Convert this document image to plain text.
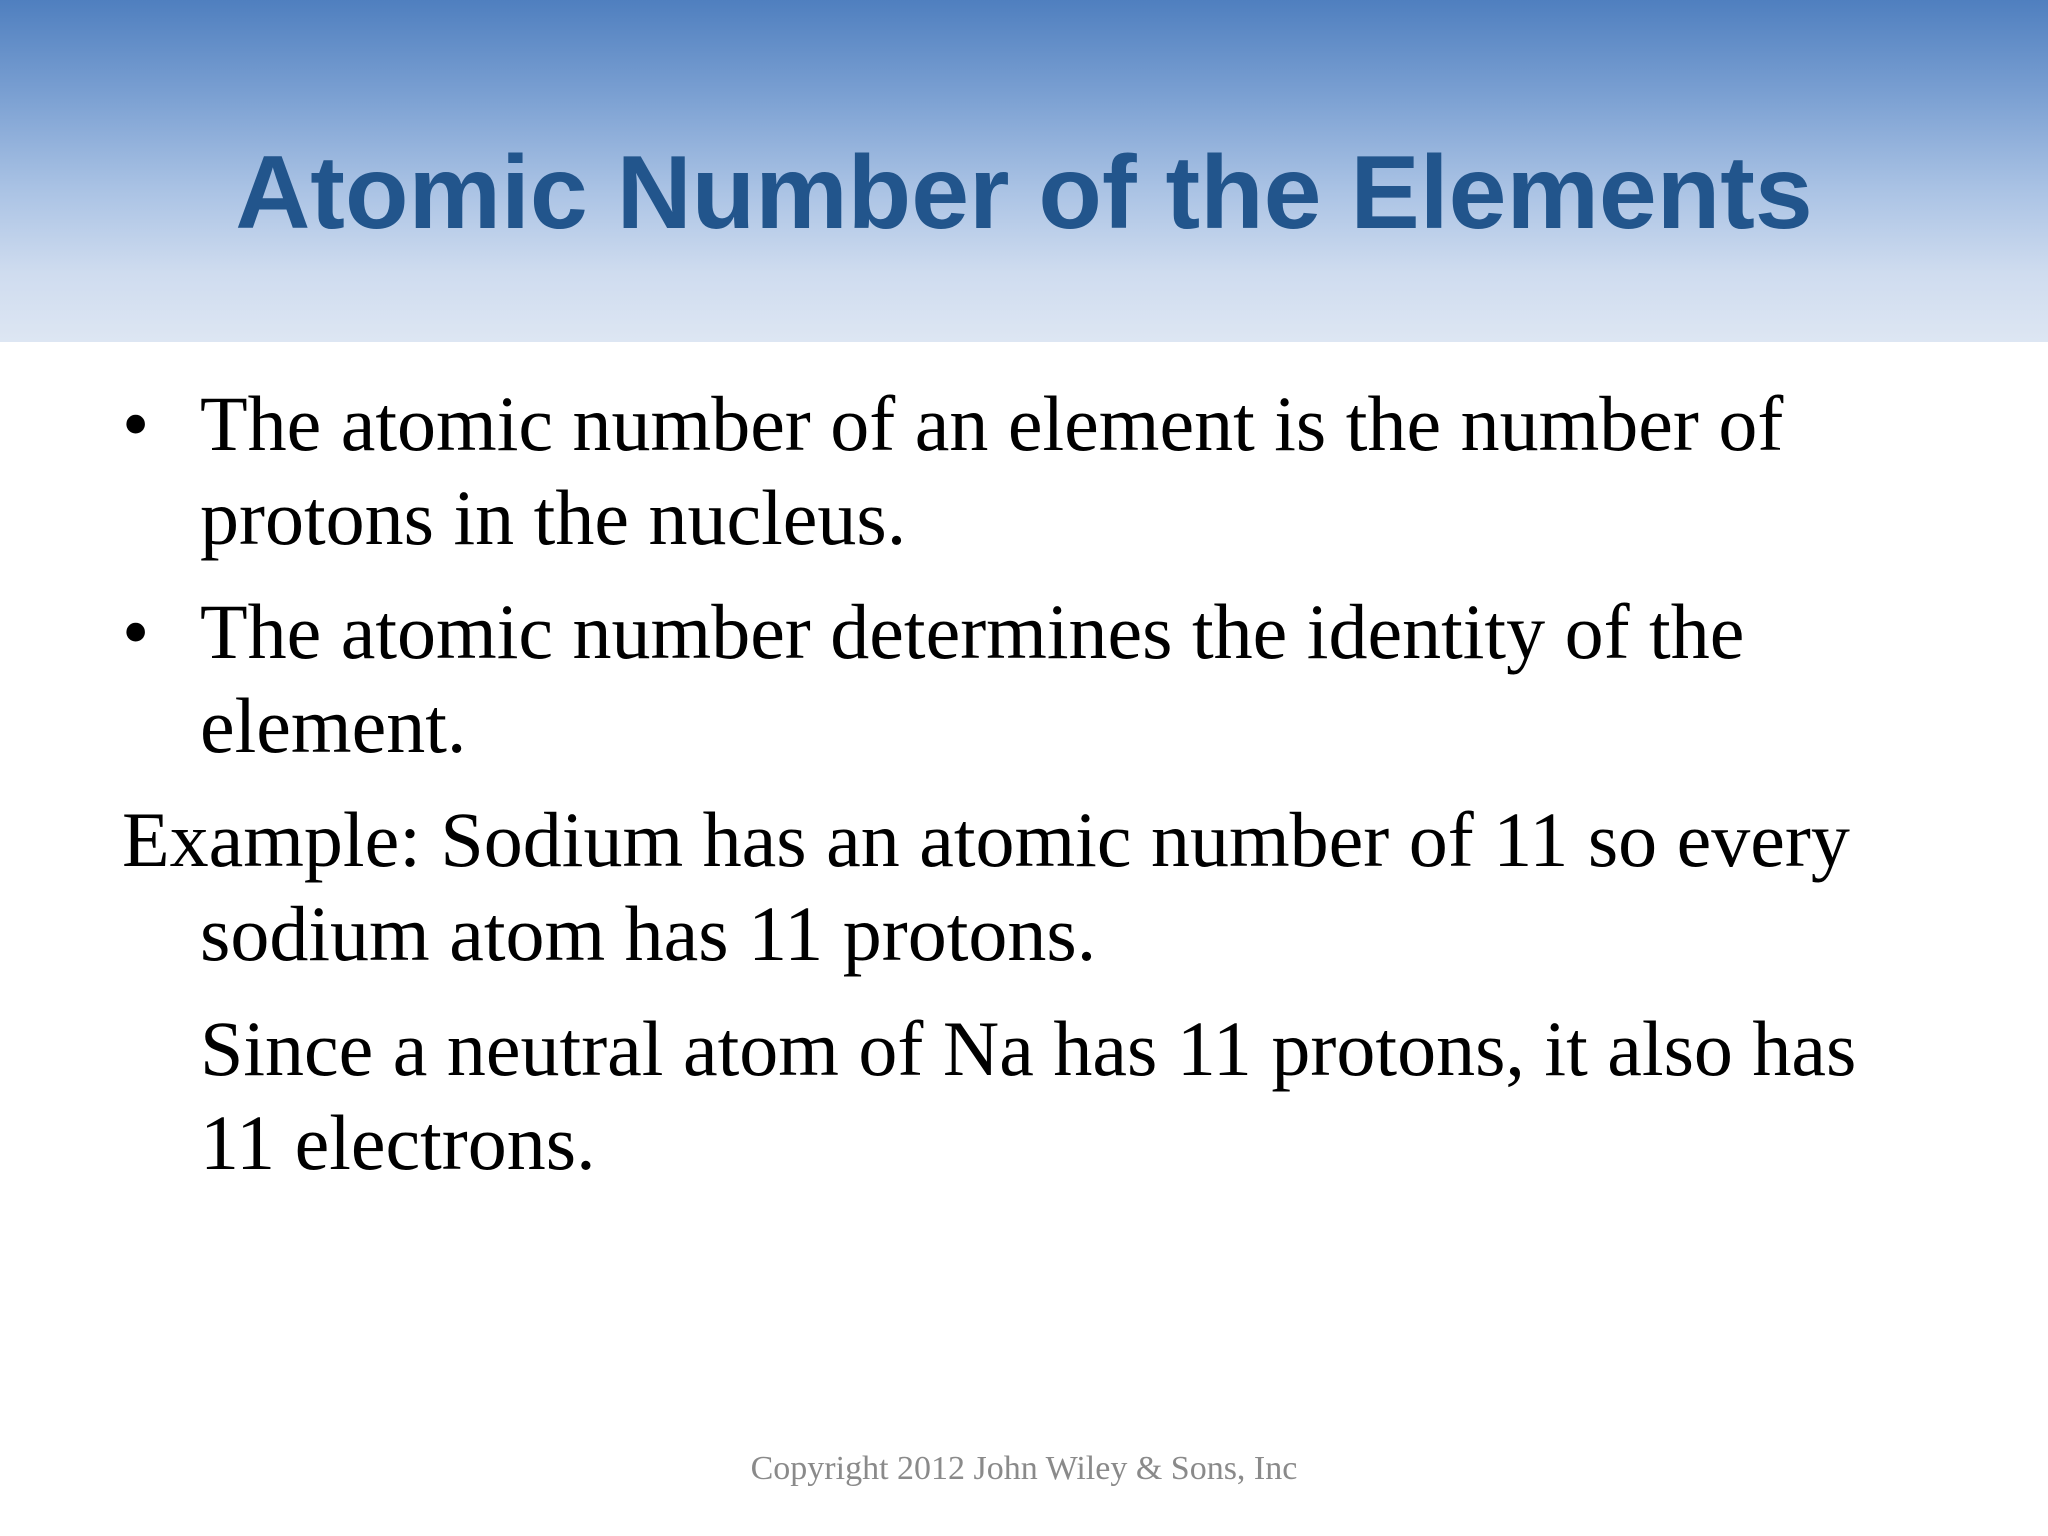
Atomic Number of the Elements
• The atomic number of an element is the number of protons in the nucleus.
• The atomic number determines the identity of the element.
Example: Sodium has an atomic number of 11 so every sodium atom has 11 protons.
Since a neutral atom of Na has 11 protons, it also has 11 electrons.
Copyright 2012 John Wiley & Sons, Inc
